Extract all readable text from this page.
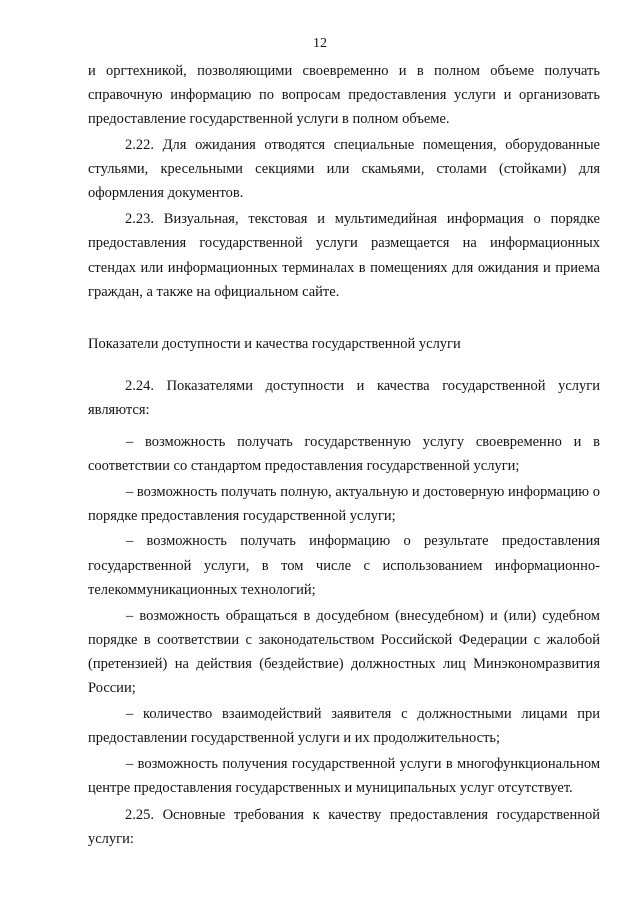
12

и оргтехникой, позволяющими своевременно и в полном объеме получать справочную информацию по вопросам предоставления услуги и организовать предоставление государственной услуги в полном объеме.

2.22. Для ожидания отводятся специальные помещения, оборудованные стульями, кресельными секциями или скамьями, столами (стойками) для оформления документов.

2.23. Визуальная, текстовая и мультимедийная информация о порядке предоставления государственной услуги размещается на информационных стендах или информационных терминалах в помещениях для ожидания и приема граждан, а также на официальном сайте.

Показатели доступности и качества государственной услуги

2.24. Показателями доступности и качества государственной услуги являются:

– возможность получать государственную услугу своевременно и в соответствии со стандартом предоставления государственной услуги;

– возможность получать полную, актуальную и достоверную информацию о порядке предоставления государственной услуги;

– возможность получать информацию о результате предоставления государственной услуги, в том числе с использованием информационно-телекоммуникационных технологий;

– возможность обращаться в досудебном (внесудебном) и (или) судебном порядке в соответствии с законодательством Российской Федерации с жалобой (претензией) на действия (бездействие) должностных лиц Минэкономразвития России;

– количество взаимодействий заявителя с должностными лицами при предоставлении государственной услуги и их продолжительность;

– возможность получения государственной услуги в многофункциональном центре предоставления государственных и муниципальных услуг отсутствует.

2.25. Основные требования к качеству предоставления государственной услуги:
